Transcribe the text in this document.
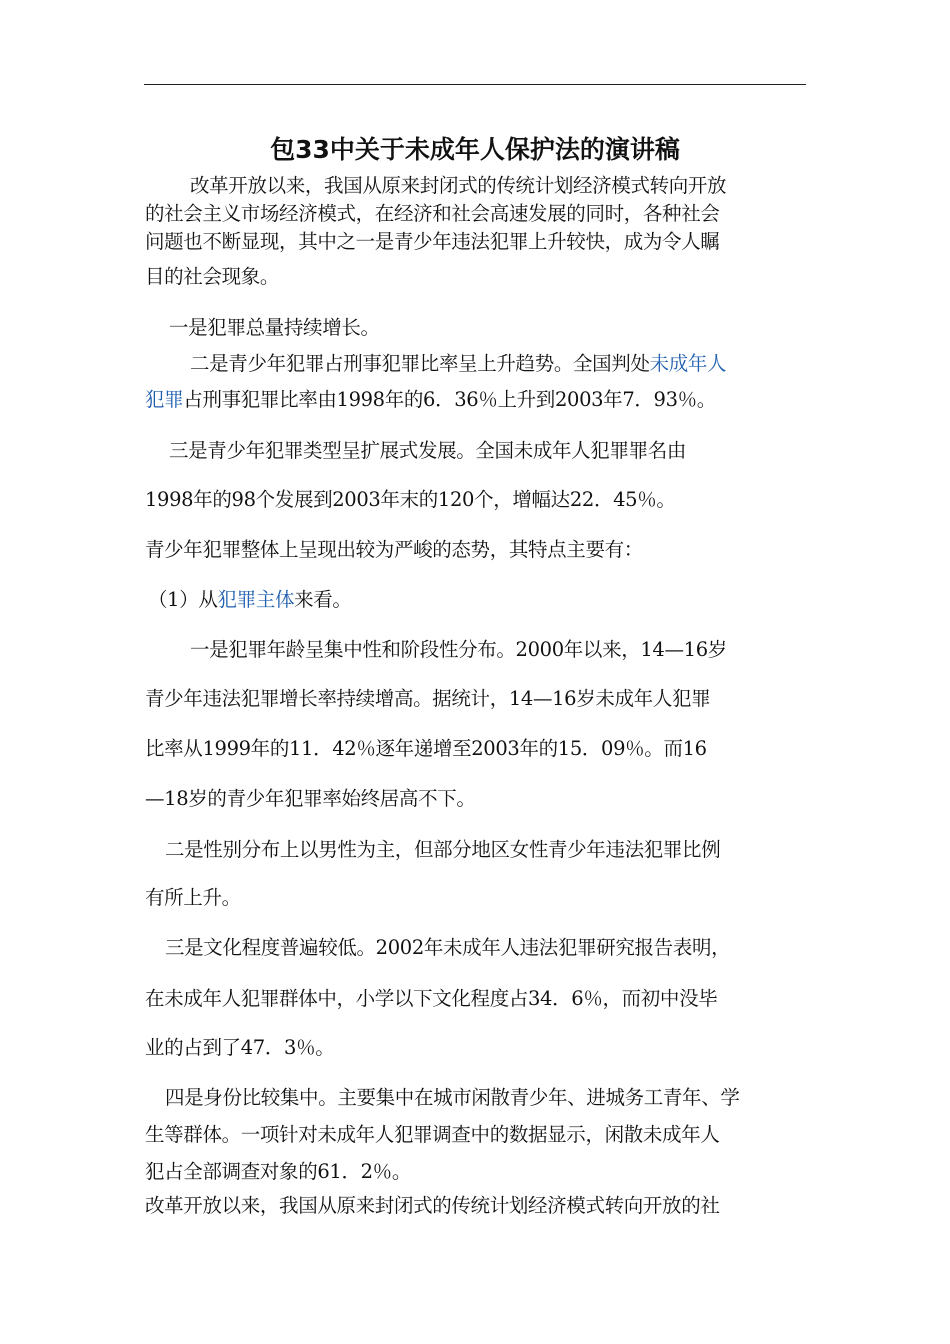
包33中关于未成年人保护法的演讲稿
改革开放以来，我国从原来封闭式的传统计划经济模式转向开放
的社会主义市场经济模式，在经济和社会高速发展的同时，各种社会
问题也不断显现，其中之一是青少年违法犯罪上升较快，成为令人瞩
目的社会现象。
一是犯罪总量持续增长。
二是青少年犯罪占刑事犯罪比率呈上升趋势。全国判处未成年人
犯罪占刑事犯罪比率由1998年的6．36％上升到2003年7．93％。
三是青少年犯罪类型呈扩展式发展。全国未成年人犯罪罪名由
1998年的98个发展到2003年末的120个，增幅达22．45％。
青少年犯罪整体上呈现出较为严峻的态势，其特点主要有：
（1）从犯罪主体来看。
一是犯罪年龄呈集中性和阶段性分布。2000年以来，14—16岁
青少年违法犯罪增长率持续增高。据统计，14—16岁未成年人犯罪
比率从1999年的11．42％逐年递增至2003年的15．09％。而16
—18岁的青少年犯罪率始终居高不下。
二是性别分布上以男性为主，但部分地区女性青少年违法犯罪比例
有所上升。
三是文化程度普遍较低。2002年未成年人违法犯罪研究报告表明，
在未成年人犯罪群体中，小学以下文化程度占34．6％，而初中没毕
业的占到了47．3％。
四是身份比较集中。主要集中在城市闲散青少年、进城务工青年、学
生等群体。一项针对未成年人犯罪调查中的数据显示，闲散未成年人
犯占全部调查对象的61．2％。
改革开放以来，我国从原来封闭式的传统计划经济模式转向开放的社
